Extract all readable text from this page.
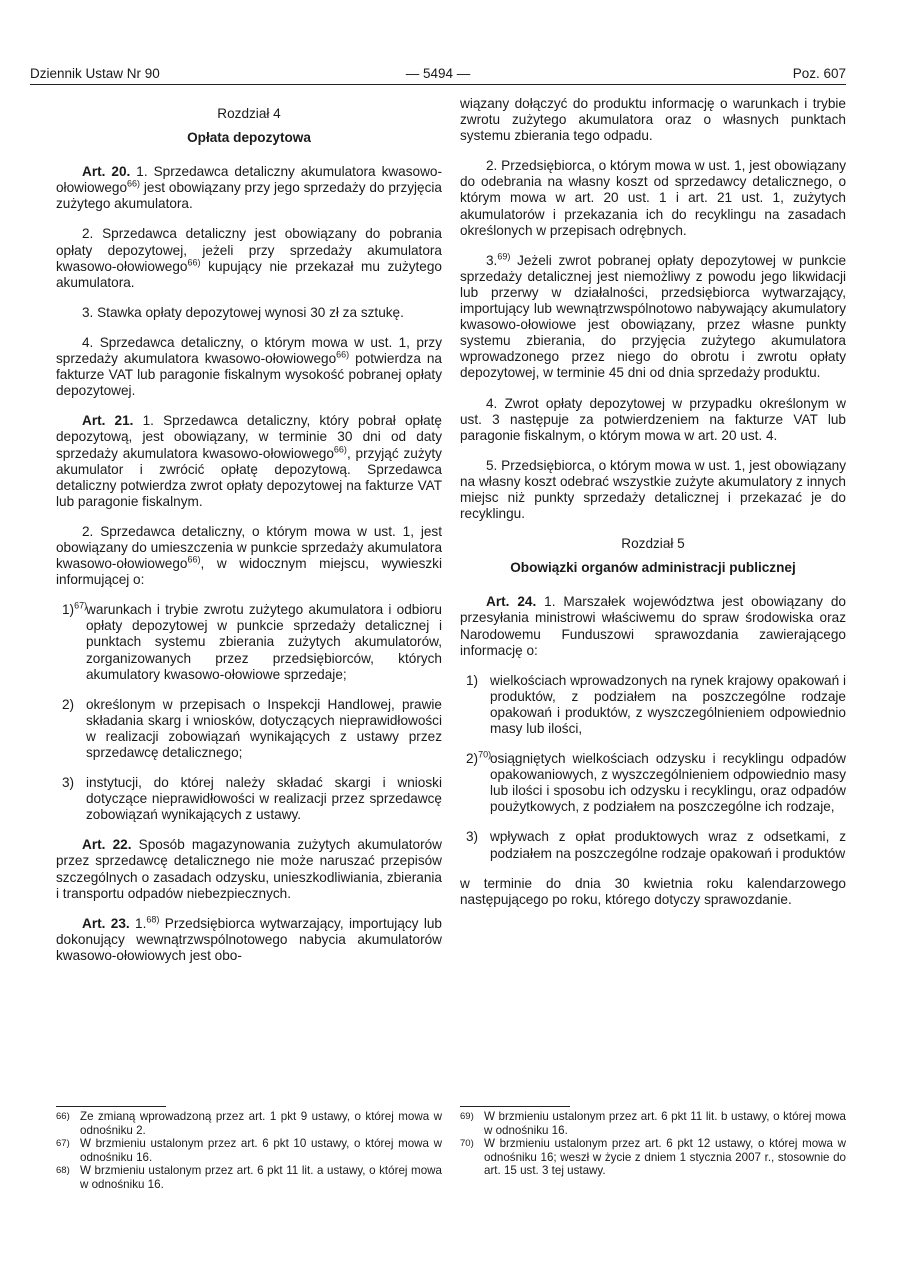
Dziennik Ustaw Nr 90	— 5494 —	Poz. 607
Rozdział 4
Opłata depozytowa

Art. 20. 1. Sprzedawca detaliczny akumulatora kwasowo-ołowiowego$^{66)}$ jest obowiązany przy jego sprzedaży do przyjęcia zużytego akumulatora.

2. Sprzedawca detaliczny jest obowiązany do pobrania opłaty depozytowej, jeżeli przy sprzedaży akumulatora kwasowo-ołowiowego$^{66)}$ kupujący nie przekazał mu zużytego akumulatora.

3. Stawka opłaty depozytowej wynosi 30 zł za sztukę.

4. Sprzedawca detaliczny, o którym mowa w ust. 1, przy sprzedaży akumulatora kwasowo-ołowiowego$^{66)}$ potwierdza na fakturze VAT lub paragonie fiskalnym wysokość pobranej opłaty depozytowej.

Art. 21. 1. Sprzedawca detaliczny, który pobrał opłatę depozytową, jest obowiązany, w terminie 30 dni od daty sprzedaży akumulatora kwasowo-ołowiowego$^{66)}$, przyjąć zużyty akumulator i zwrócić opłatę depozytową. Sprzedawca detaliczny potwierdza zwrot opłaty depozytowej na fakturze VAT lub paragonie fiskalnym.

2. Sprzedawca detaliczny, o którym mowa w ust. 1, jest obowiązany do umieszczenia w punkcie sprzedaży akumulatora kwasowo-ołowiowego$^{66)}$, w widocznym miejscu, wywieszki informującej o:

1)$^{67)}$
warunkach i trybie zwrotu zużytego akumulatora i odbioru opłaty depozytowej w punkcie sprzedaży detalicznej i punktach systemu zbierania zużytych akumulatorów, zorganizowanych przez przedsiębiorców, których akumulatory kwasowo-ołowiowe sprzedaje;
2) określonym w przepisach o Inspekcji Handlowej, prawie składania skarg i wniosków, dotyczących nieprawidłowości w realizacji zobowiązań wynikających z ustawy przez sprzedawcę detalicznego;
3) instytucji, do której należy składać skargi i wnioski dotyczące nieprawidłowości w realizacji przez sprzedawcę zobowiązań wynikających z ustawy.

Art. 22. Sposób magazynowania zużytych akumulatorów przez sprzedawcę detalicznego nie może naruszać przepisów szczególnych o zasadach odzysku, unieszkodliwiania, zbierania i transportu odpadów niebezpiecznych.

Art. 23. 1.$^{68)}$ Przedsiębiorca wytwarzający, importujący lub dokonujący wewnątrzwspólnotowego nabycia akumulatorów kwasowo-ołowiowych jest obo-

66) Ze zmianą wprowadzoną przez art. 1 pkt 9 ustawy, o której mowa w odnośniku 2.
67) W brzmieniu ustalonym przez art. 6 pkt 10 ustawy, o której mowa w odnośniku 16.
68) W brzmieniu ustalonym przez art. 6 pkt 11 lit. a ustawy, o której mowa w odnośniku 16.

wiązany dołączyć do produktu informację o warunkach i trybie zwrotu zużytego akumulatora oraz o własnych punktach systemu zbierania tego odpadu.

2. Przedsiębiorca, o którym mowa w ust. 1, jest obowiązany do odebrania na własny koszt od sprzedawcy detalicznego, o którym mowa w art. 20 ust. 1 i art. 21 ust. 1, zużytych akumulatorów i przekazania ich do recyklingu na zasadach określonych w przepisach odrębnych.

3.$^{69)}$ Jeżeli zwrot pobranej opłaty depozytowej w punkcie sprzedaży detalicznej jest niemożliwy z powodu jego likwidacji lub przerwy w działalności, przedsiębiorca wytwarzający, importujący lub wewnątrzwspólnotowo nabywający akumulatory kwasowo-ołowiowe jest obowiązany, przez własne punkty systemu zbierania, do przyjęcia zużytego akumulatora wprowadzonego przez niego do obrotu i zwrotu opłaty depozytowej, w terminie 45 dni od dnia sprzedaży produktu.

4. Zwrot opłaty depozytowej w przypadku określonym w ust. 3 następuje za potwierdzeniem na fakturze VAT lub paragonie fiskalnym, o którym mowa w art. 20 ust. 4.

5. Przedsiębiorca, o którym mowa w ust. 1, jest obowiązany na własny koszt odebrać wszystkie zużyte akumulatory z innych miejsc niż punkty sprzedaży detalicznej i przekazać je do recyklingu.

Rozdział 5
Obowiązki organów administracji publicznej

Art. 24. 1. Marszałek województwa jest obowiązany do przesyłania ministrowi właściwemu do spraw środowiska oraz Narodowemu Funduszowi sprawozdania zawierającego informację o:

1) wielkościach wprowadzonych na rynek krajowy opakowań i produktów, z podziałem na poszczególne rodzaje opakowań i produktów, z wyszczególnieniem odpowiednio masy lub ilości,
2)$^{70)}$
osiągniętych wielkościach odzysku i recyklingu odpadów opakowaniowych, z wyszczególnieniem odpowiednio masy lub ilości i sposobu ich odzysku i recyklingu, oraz odpadów poużytkowych, z podziałem na poszczególne ich rodzaje,
3) wpływach z opłat produktowych wraz z odsetkami, z podziałem na poszczególne rodzaje opakowań i produktów

w terminie do dnia 30 kwietnia roku kalendarzowego następującego po roku, którego dotyczy sprawozdanie.

69) W brzmieniu ustalonym przez art. 6 pkt 11 lit. b ustawy, o której mowa w odnośniku 16.
70) W brzmieniu ustalonym przez art. 6 pkt 12 ustawy, o której mowa w odnośniku 16; weszł w życie z dniem 1 stycznia 2007 r., stosownie do art. 15 ust. 3 tej ustawy.
